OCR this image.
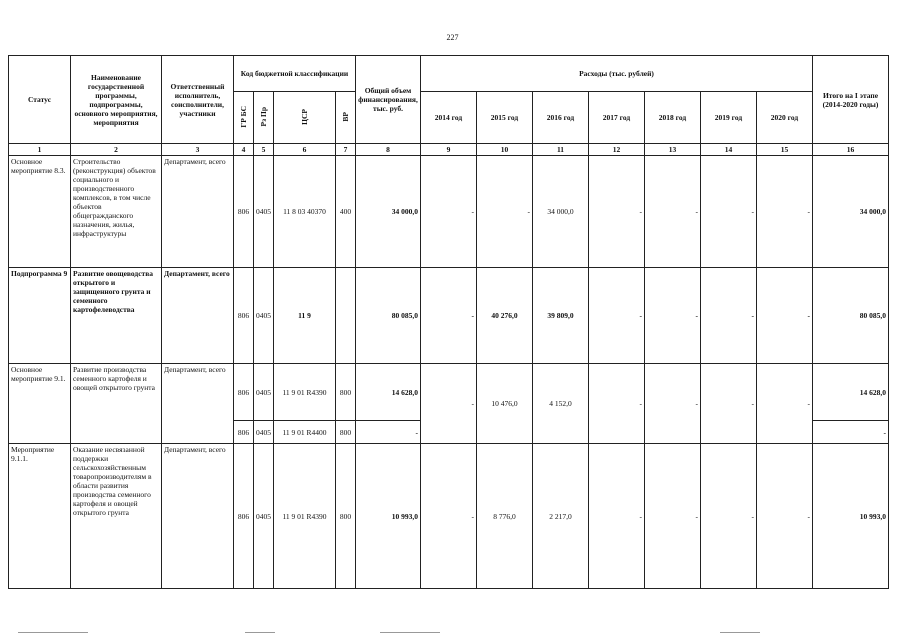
227
Статус	Наименование государственной программы, подпрограммы, основного мероприятия, мероприятия	Ответственный исполнитель, соисполнители, участники	Код бюджетной классификации				Общий объем финансирования, тыс. руб.	Расходы (тыс. рублей)							Итого на I этапе (2014-2020 годы)
			ГР БС	Рз Пр	ЦСР	ВР		2014 год	2015 год	2016 год	2017 год	2018 год	2019 год	2020 год	
1	2	3	4	5	6	7	8	9	10	11	12	13	14	15	16
Основное мероприятие 8.3.	Строительство (реконструкция) объектов социального и производственного комплексов, в том числе объектов общегражданского назначения, жилья, инфраструктуры	Департамент, всего	806	0405	11 8 03 40370	400	34 000,0	-	-	34 000,0	-	-	-	-	34 000,0
Подпрограмма 9	Развитие овощеводства открытого и защищенного грунта и семенного картофелеводства	Департамент, всего	806	0405	11 9		80 085,0	-	40 276,0	39 809,0	-	-	-	-	80 085,0
Основное мероприятие 9.1.	Развитие производства семенного картофеля и овощей открытого грунта	Департамент, всего	806	0405	11 9 01 R4390	800	14 628,0	-	10 476,0	4 152,0	-	-	-	-	14 628,0
			806	0405	11 9 01 R4400	800	-								-
Мероприятие 9.1.1.	Оказание несвязанной поддержки сельскохозяйственным товаропроизводителям в области развития производства семенного картофеля и овощей открытого грунта	Департамент, всего	806	0405	11 9 01 R4390	800	10 993,0	-	8 776,0	2 217,0	-	-	-	-	10 993,0
